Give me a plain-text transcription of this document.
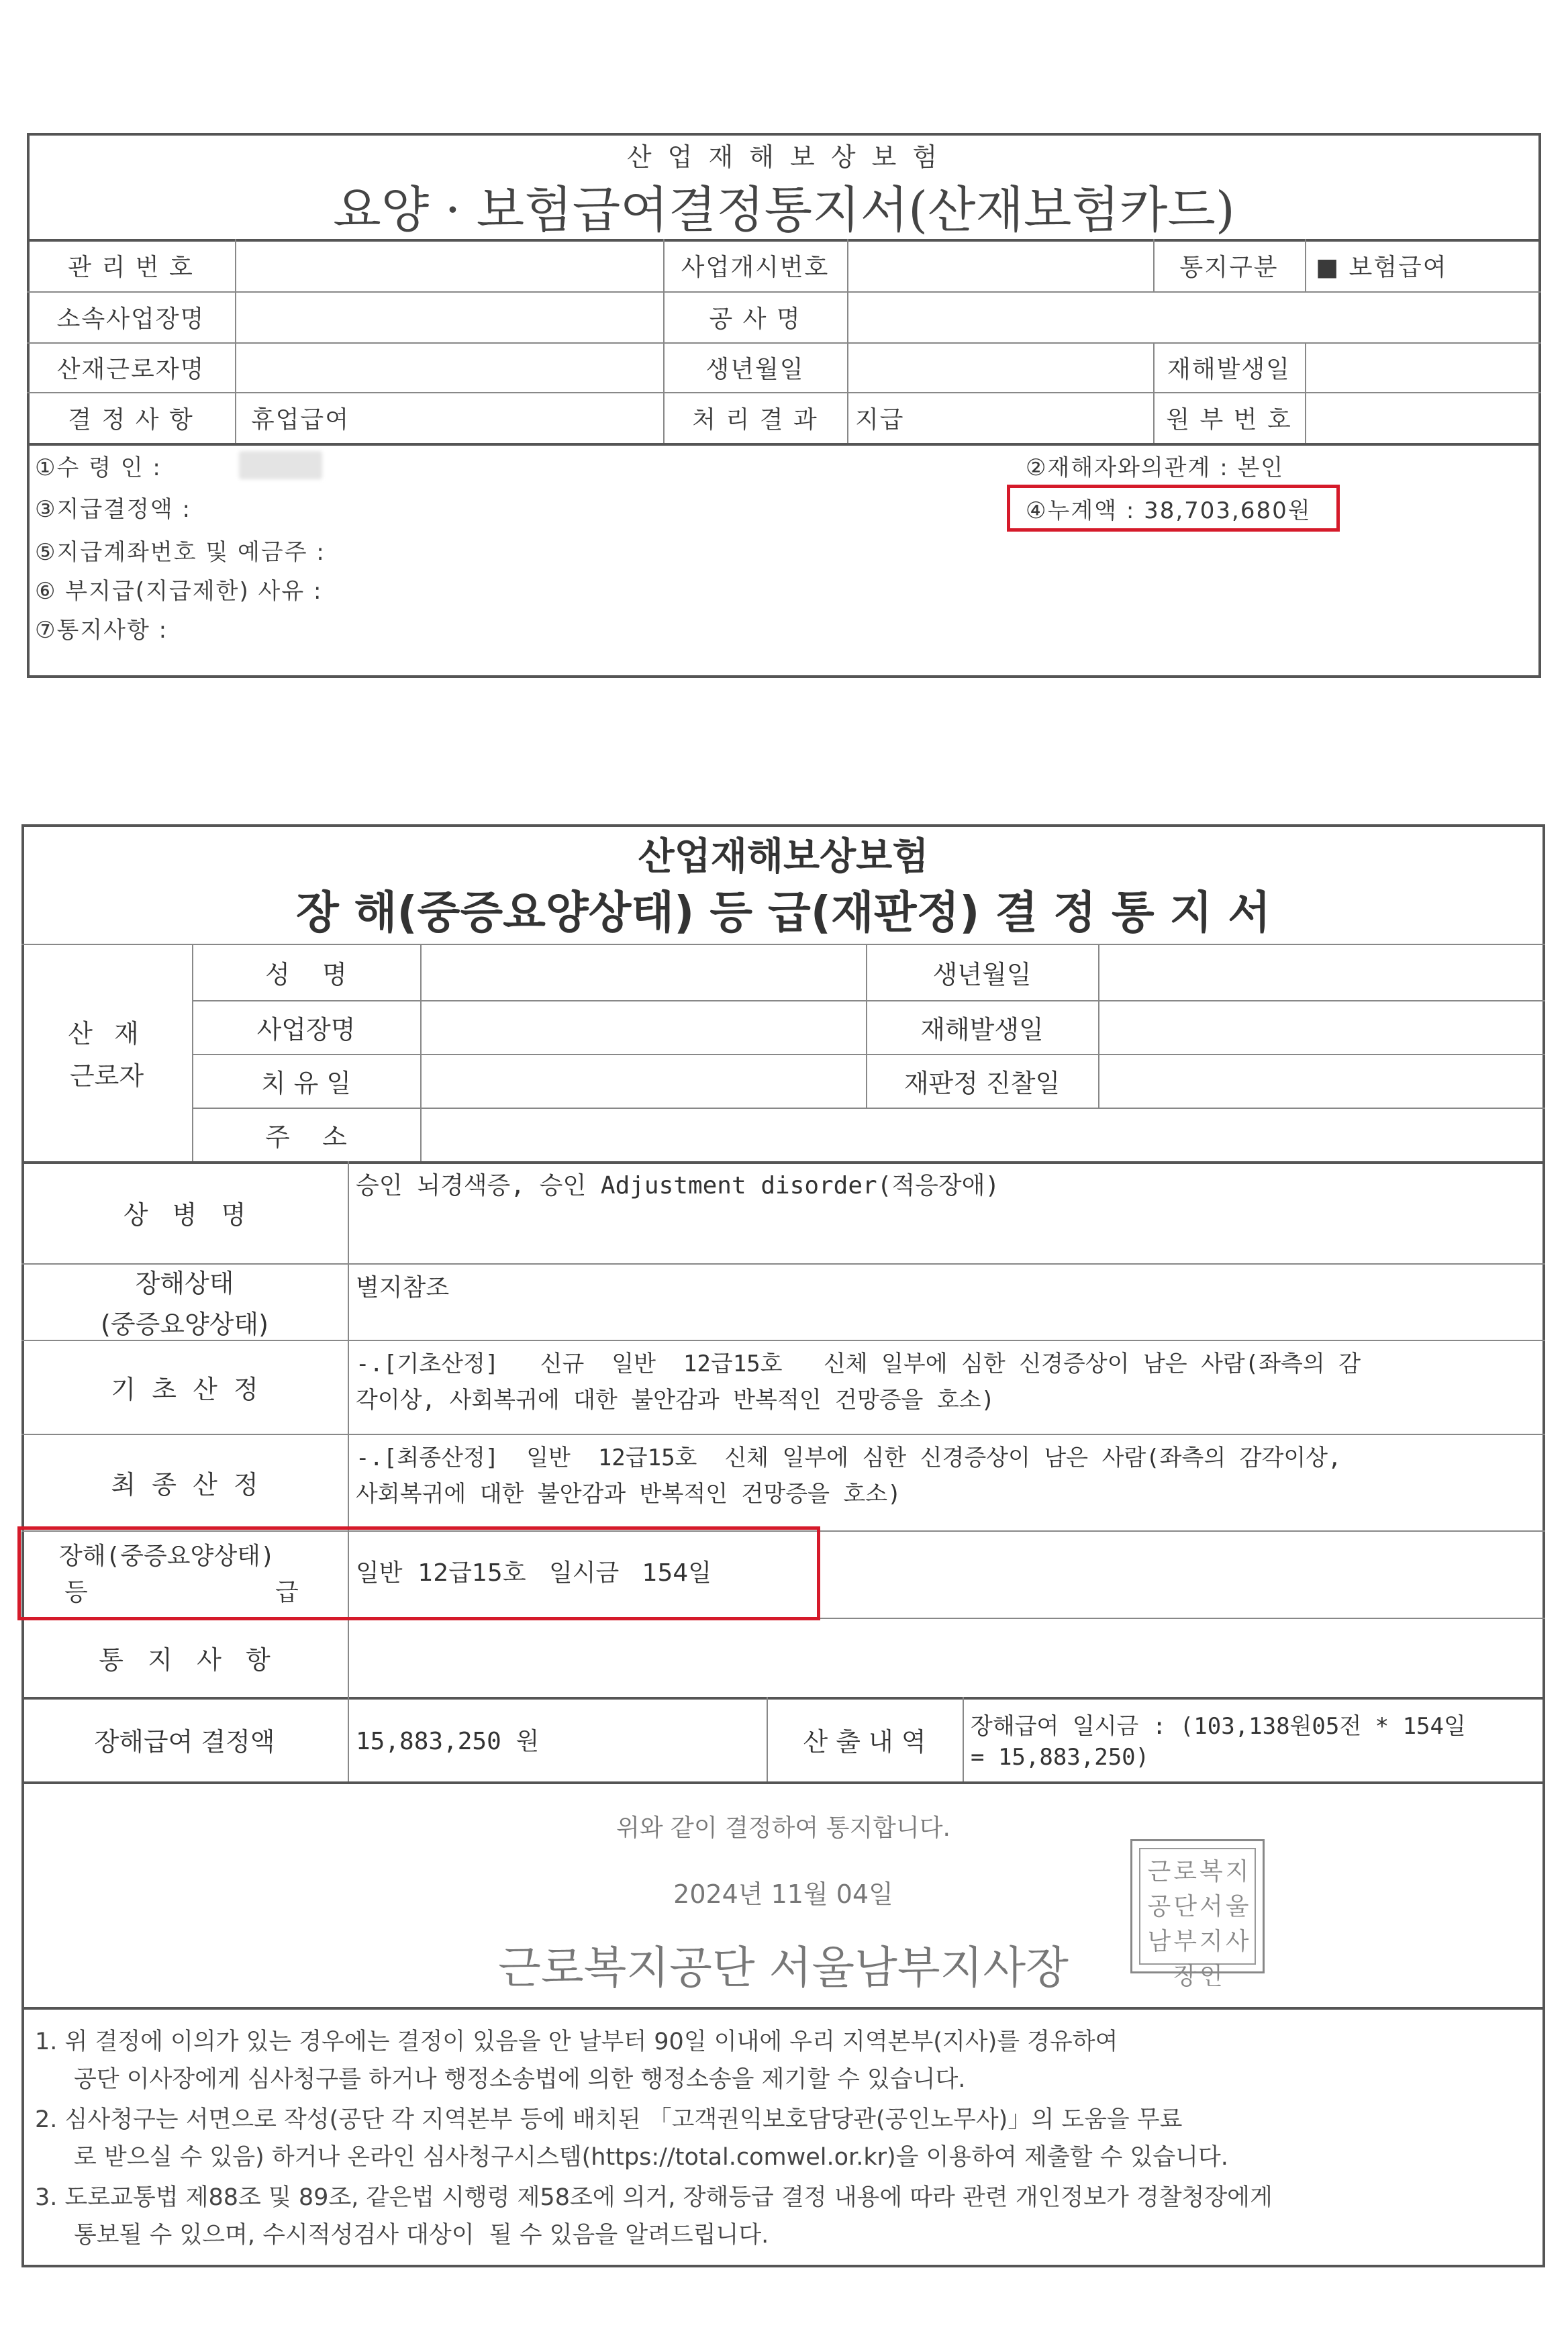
산 업 재 해 보 상 보 험
요양 · 보험급여결정통지서(산재보험카드)
관 리 번 호	사업개시번호	통지구분	■ 보험급여
소속사업장명	공 사 명
산재근로자명	생년월일	재해발생일
결 정 사 항	휴업급여	처 리 결 과	지급	원 부 번 호
①수 령 인 :	②재해자와의관계 : 본인
③지급결정액 :	④누계액 : 38,703,680원
⑤지급계좌번호 및 예금주 :
⑥ 부지급(지급제한) 사유 :
⑦통지사항 :
산업재해보상보험
장 해(중증요양상태) 등 급(재판정) 결 정 통 지 서
산 재
근로자
성    명	생년월일
사업장명	재해발생일
치 유 일	재판정 진찰일
주    소
상   병   명
승인 뇌경색증, 승인 Adjustment disorder(적응장애)
장해상태
(중증요양상태)
별지참조
기  초  산  정
-.[기초산정]   신규  일반  12급15호   신체 일부에 심한 신경증상이 남은 사람(좌측의 감
각이상, 사회복귀에 대한 불안감과 반복적인 건망증을 호소)
최  종  산  정
-.[최종산정]  일반  12급15호  신체 일부에 심한 신경증상이 남은 사람(좌측의 감각이상,
사회복귀에 대한 불안감과 반복적인 건망증을 호소)
장해(중증요양상태)
등	급
일반  12급15호   일시금   154일
통   지   사   항
장해급여 결정액	15,883,250 원	산 출 내 역
장해급여 일시금 : (103,138원05전 * 154일
= 15,883,250)
위와 같이 결정하여 통지합니다.
2024년 11월 04일
근로복지공단 서울남부지사장
근로복지공단서울남부지사장인
1. 위 결정에 이의가 있는 경우에는 결정이 있음을 안 날부터 90일 이내에 우리 지역본부(지사)를 경유하여
공단 이사장에게 심사청구를 하거나 행정소송법에 의한 행정소송을 제기할 수 있습니다.
2. 심사청구는 서면으로 작성(공단 각 지역본부 등에 배치된 「고객권익보호담당관(공인노무사)」의 도움을 무료
로 받으실 수 있음) 하거나 온라인 심사청구시스템(https://total.comwel.or.kr)을 이용하여 제출할 수 있습니다.
3. 도로교통법 제88조 및 89조, 같은법 시행령 제58조에 의거, 장해등급 결정 내용에 따라 관련 개인정보가 경찰청장에게
통보될 수 있으며, 수시적성검사 대상이  될 수 있음을 알려드립니다.
